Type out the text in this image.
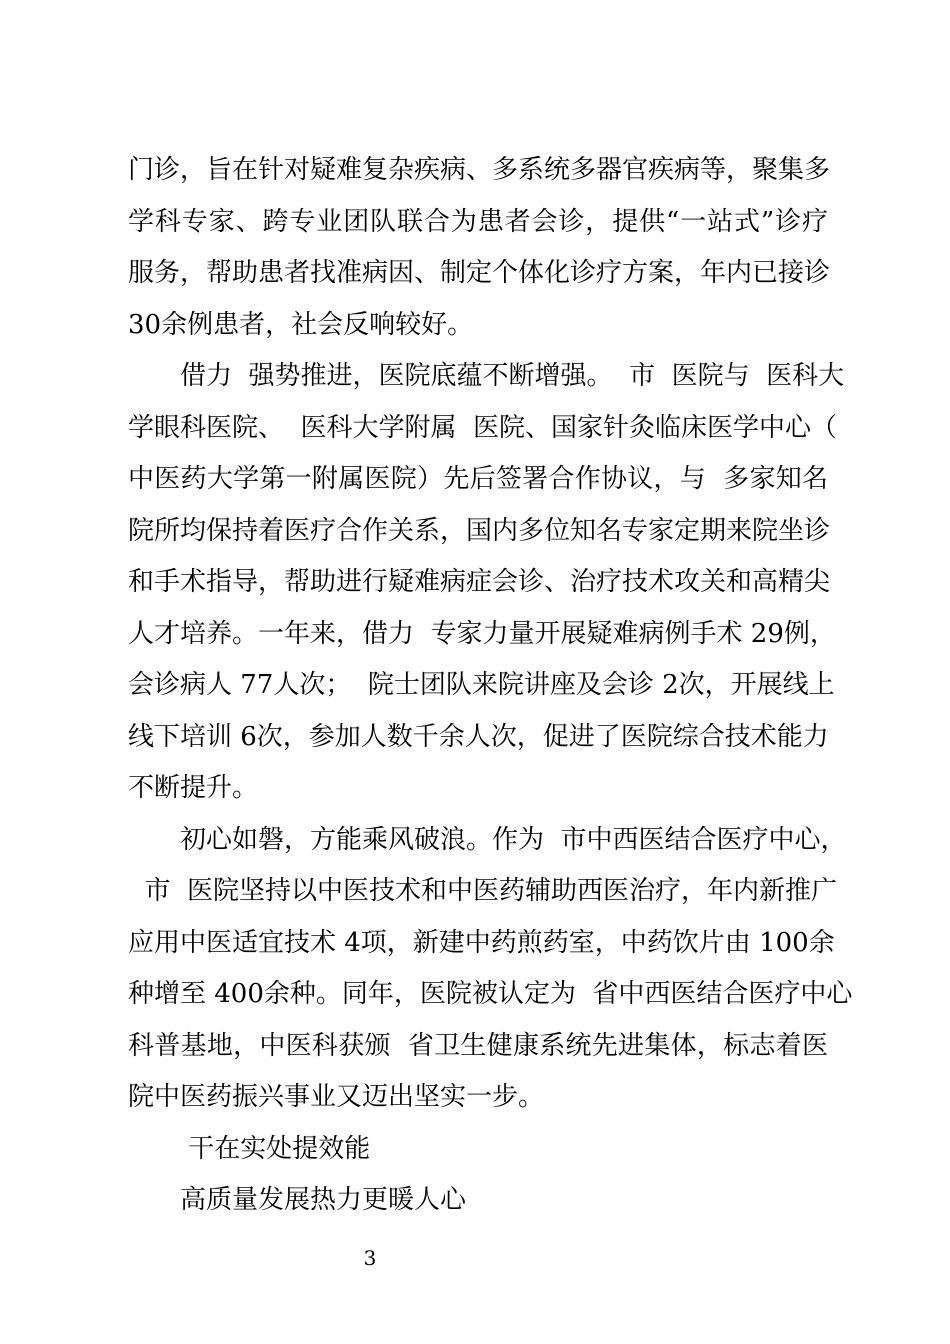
门诊，旨在针对疑难复杂疾病、多系统多器官疾病等，聚集多
学科专家、跨专业团队联合为患者会诊，提供“一站式”诊疗
服务，帮助患者找准病因、制定个体化诊疗方案，年内已接诊
30余例患者，社会反响较好。
借力  强势推进，医院底蕴不断增强。  市  医院与  医科大
学眼科医院、  医科大学附属  医院、国家针灸临床医学中心（
中医药大学第一附属医院）先后签署合作协议，与  多家知名
院所均保持着医疗合作关系，国内多位知名专家定期来院坐诊
和手术指导，帮助进行疑难病症会诊、治疗技术攻关和高精尖
人才培养。一年来，借力  专家力量开展疑难病例手术 29例，
会诊病人 77人次；  院士团队来院讲座及会诊 2次，开展线上
线下培训 6次，参加人数千余人次，促进了医院综合技术能力
不断提升。
初心如磐，方能乘风破浪。作为  市中西医结合医疗中心，
市  医院坚持以中医技术和中医药辅助西医治疗，年内新推广
应用中医适宜技术 4项，新建中药煎药室，中药饮片由 100余
种增至 400余种。同年，医院被认定为  省中西医结合医疗中心
科普基地，中医科获颁  省卫生健康系统先进集体，标志着医
院中医药振兴事业又迈出坚实一步。
干在实处提效能
高质量发展热力更暖人心
3
